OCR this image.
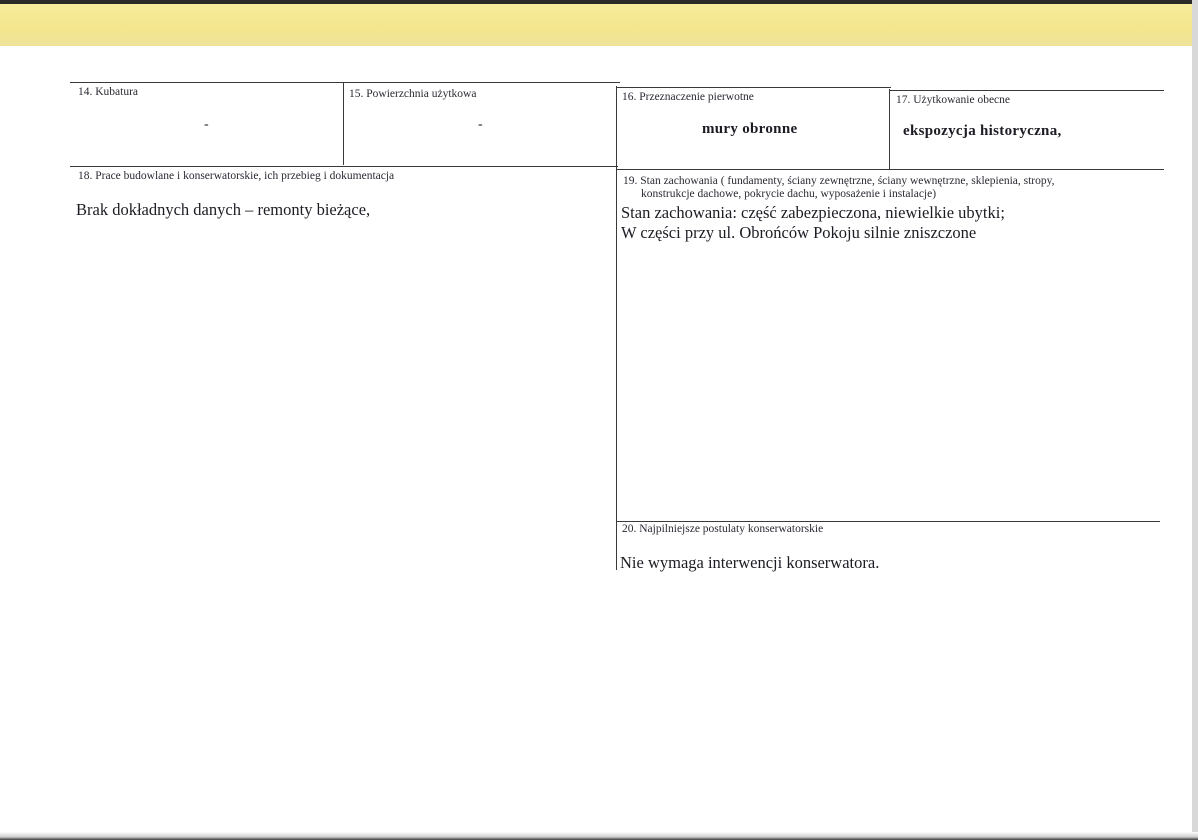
14. Kubatura
-
15. Powierzchnia użytkowa
-
16. Przeznaczenie pierwotne
mury obronne
17. Użytkowanie obecne
ekspozycja historyczna,
18. Prace budowlane i konserwatorskie, ich przebieg i dokumentacja
Brak dokładnych danych – remonty bieżące,
19. Stan zachowania ( fundamenty, ściany zewnętrzne, ściany wewnętrzne, sklepienia, stropy,
konstrukcje dachowe, pokrycie dachu, wyposażenie i instalacje)
Stan zachowania: część zabezpieczona, niewielkie ubytki;
W części przy ul. Obrońców Pokoju silnie zniszczone
20. Najpilniejsze postulaty konserwatorskie
Nie wymaga interwencji konserwatora.
